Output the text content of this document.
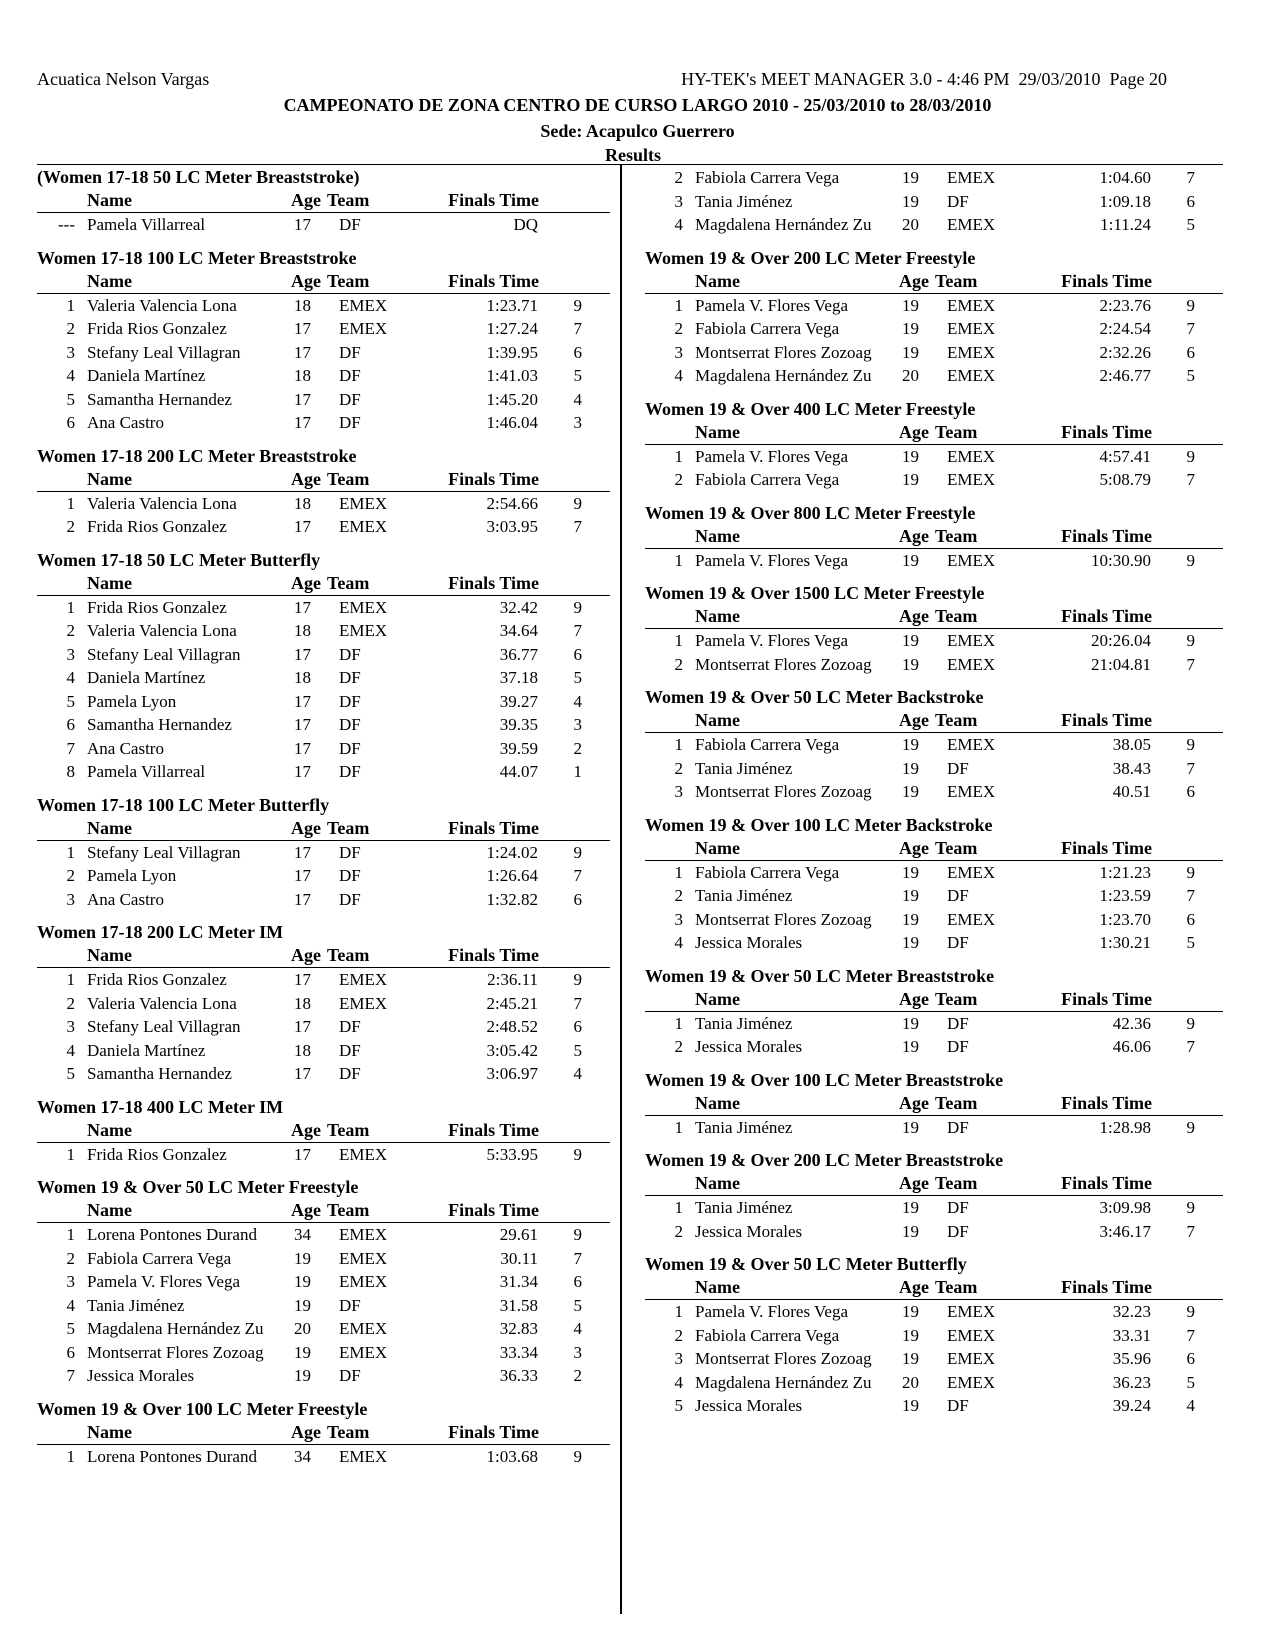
Acuatica Nelson Vargas	HY-TEK's MEET MANAGER 3.0 - 4:46 PM  29/03/2010  Page 20
CAMPEONATO DE ZONA CENTRO DE CURSO LARGO 2010 - 25/03/2010 to 28/03/2010
Sede: Acapulco Guerrero
Results
(Women 17-18 50 LC Meter Breaststroke)
Name	Age Team	Finals Time
--- Pamela Villarreal	17 DF	DQ
Women 17-18 100 LC Meter Breaststroke
Name	Age Team	Finals Time
1 Valeria Valencia Lona	18 EMEX	1:23.71 9
2 Frida Rios Gonzalez	17 EMEX	1:27.24 7
3 Stefany Leal Villagran	17 DF	1:39.95 6
4 Daniela Martínez	18 DF	1:41.03 5
5 Samantha Hernandez	17 DF	1:45.20 4
6 Ana Castro	17 DF	1:46.04 3
Women 17-18 200 LC Meter Breaststroke
Name	Age Team	Finals Time
1 Valeria Valencia Lona	18 EMEX	2:54.66 9
2 Frida Rios Gonzalez	17 EMEX	3:03.95 7
Women 17-18 50 LC Meter Butterfly
Name	Age Team	Finals Time
1 Frida Rios Gonzalez	17 EMEX	32.42 9
2 Valeria Valencia Lona	18 EMEX	34.64 7
3 Stefany Leal Villagran	17 DF	36.77 6
4 Daniela Martínez	18 DF	37.18 5
5 Pamela Lyon	17 DF	39.27 4
6 Samantha Hernandez	17 DF	39.35 3
7 Ana Castro	17 DF	39.59 2
8 Pamela Villarreal	17 DF	44.07 1
Women 17-18 100 LC Meter Butterfly
Name	Age Team	Finals Time
1 Stefany Leal Villagran	17 DF	1:24.02 9
2 Pamela Lyon	17 DF	1:26.64 7
3 Ana Castro	17 DF	1:32.82 6
Women 17-18 200 LC Meter IM
Name	Age Team	Finals Time
1 Frida Rios Gonzalez	17 EMEX	2:36.11 9
2 Valeria Valencia Lona	18 EMEX	2:45.21 7
3 Stefany Leal Villagran	17 DF	2:48.52 6
4 Daniela Martínez	18 DF	3:05.42 5
5 Samantha Hernandez	17 DF	3:06.97 4
Women 17-18 400 LC Meter IM
Name	Age Team	Finals Time
1 Frida Rios Gonzalez	17 EMEX	5:33.95 9
Women 19 & Over 50 LC Meter Freestyle
Name	Age Team	Finals Time
1 Lorena Pontones Durand	34 EMEX	29.61 9
2 Fabiola Carrera Vega	19 EMEX	30.11 7
3 Pamela V. Flores Vega	19 EMEX	31.34 6
4 Tania Jiménez	19 DF	31.58 5
5 Magdalena Hernández Zu 20 EMEX	32.83 4
6 Montserrat Flores Zozoag 19 EMEX	33.34 3
7 Jessica Morales	19 DF	36.33 2
Women 19 & Over 100 LC Meter Freestyle
Name	Age Team	Finals Time
1 Lorena Pontones Durand	34 EMEX	1:03.68 9
2 Fabiola Carrera Vega	19 EMEX	1:04.60 7
3 Tania Jiménez	19 DF	1:09.18 6
4 Magdalena Hernández Zu 20 EMEX	1:11.24 5
Women 19 & Over 200 LC Meter Freestyle
Name	Age Team	Finals Time
1 Pamela V. Flores Vega	19 EMEX	2:23.76 9
2 Fabiola Carrera Vega	19 EMEX	2:24.54 7
3 Montserrat Flores Zozoag 19 EMEX	2:32.26 6
4 Magdalena Hernández Zu 20 EMEX	2:46.77 5
Women 19 & Over 400 LC Meter Freestyle
Name	Age Team	Finals Time
1 Pamela V. Flores Vega	19 EMEX	4:57.41 9
2 Fabiola Carrera Vega	19 EMEX	5:08.79 7
Women 19 & Over 800 LC Meter Freestyle
Name	Age Team	Finals Time
1 Pamela V. Flores Vega	19 EMEX	10:30.90 9
Women 19 & Over 1500 LC Meter Freestyle
Name	Age Team	Finals Time
1 Pamela V. Flores Vega	19 EMEX	20:26.04 9
2 Montserrat Flores Zozoag 19 EMEX	21:04.81 7
Women 19 & Over 50 LC Meter Backstroke
Name	Age Team	Finals Time
1 Fabiola Carrera Vega	19 EMEX	38.05 9
2 Tania Jiménez	19 DF	38.43 7
3 Montserrat Flores Zozoag 19 EMEX	40.51 6
Women 19 & Over 100 LC Meter Backstroke
Name	Age Team	Finals Time
1 Fabiola Carrera Vega	19 EMEX	1:21.23 9
2 Tania Jiménez	19 DF	1:23.59 7
3 Montserrat Flores Zozoag 19 EMEX	1:23.70 6
4 Jessica Morales	19 DF	1:30.21 5
Women 19 & Over 50 LC Meter Breaststroke
Name	Age Team	Finals Time
1 Tania Jiménez	19 DF	42.36 9
2 Jessica Morales	19 DF	46.06 7
Women 19 & Over 100 LC Meter Breaststroke
Name	Age Team	Finals Time
1 Tania Jiménez	19 DF	1:28.98 9
Women 19 & Over 200 LC Meter Breaststroke
Name	Age Team	Finals Time
1 Tania Jiménez	19 DF	3:09.98 9
2 Jessica Morales	19 DF	3:46.17 7
Women 19 & Over 50 LC Meter Butterfly
Name	Age Team	Finals Time
1 Pamela V. Flores Vega	19 EMEX	32.23 9
2 Fabiola Carrera Vega	19 EMEX	33.31 7
3 Montserrat Flores Zozoag 19 EMEX	35.96 6
4 Magdalena Hernández Zu 20 EMEX	36.23 5
5 Jessica Morales	19 DF	39.24 4
